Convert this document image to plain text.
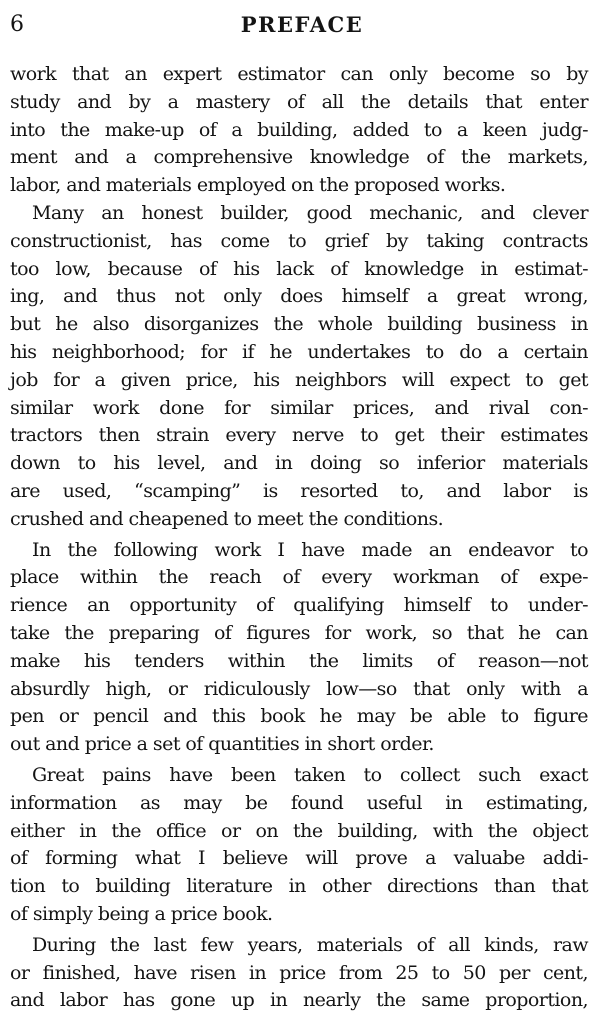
6	PREFACE
work that an expert estimator can only become so by
study and by a mastery of all the details that enter
into the make-up of a building, added to a keen judg-
ment and a comprehensive knowledge of the markets,
labor, and materials employed on the proposed works.
Many an honest builder, good mechanic, and clever
constructionist, has come to grief by taking contracts
too low, because of his lack of knowledge in estimat-
ing, and thus not only does himself a great wrong,
but he also disorganizes the whole building business in
his neighborhood; for if he undertakes to do a certain
job for a given price, his neighbors will expect to get
similar work done for similar prices, and rival con-
tractors then strain every nerve to get their estimates
down to his level, and in doing so inferior materials
are used, “scamping” is resorted to, and labor is
crushed and cheapened to meet the conditions.
In the following work I have made an endeavor to
place within the reach of every workman of expe-
rience an opportunity of qualifying himself to under-
take the preparing of figures for work, so that he can
make his tenders within the limits of reason—not
absurdly high, or ridiculously low—so that only with a
pen or pencil and this book he may be able to figure
out and price a set of quantities in short order.
Great pains have been taken to collect such exact
information as may be found useful in estimating,
either in the office or on the building, with the object
of forming what I believe will prove a valuabe addi-
tion to building literature in other directions than that
of simply being a price book.
During the last few years, materials of all kinds, raw
or finished, have risen in price from 25 to 50 per cent,
and labor has gone up in nearly the same proportion,
